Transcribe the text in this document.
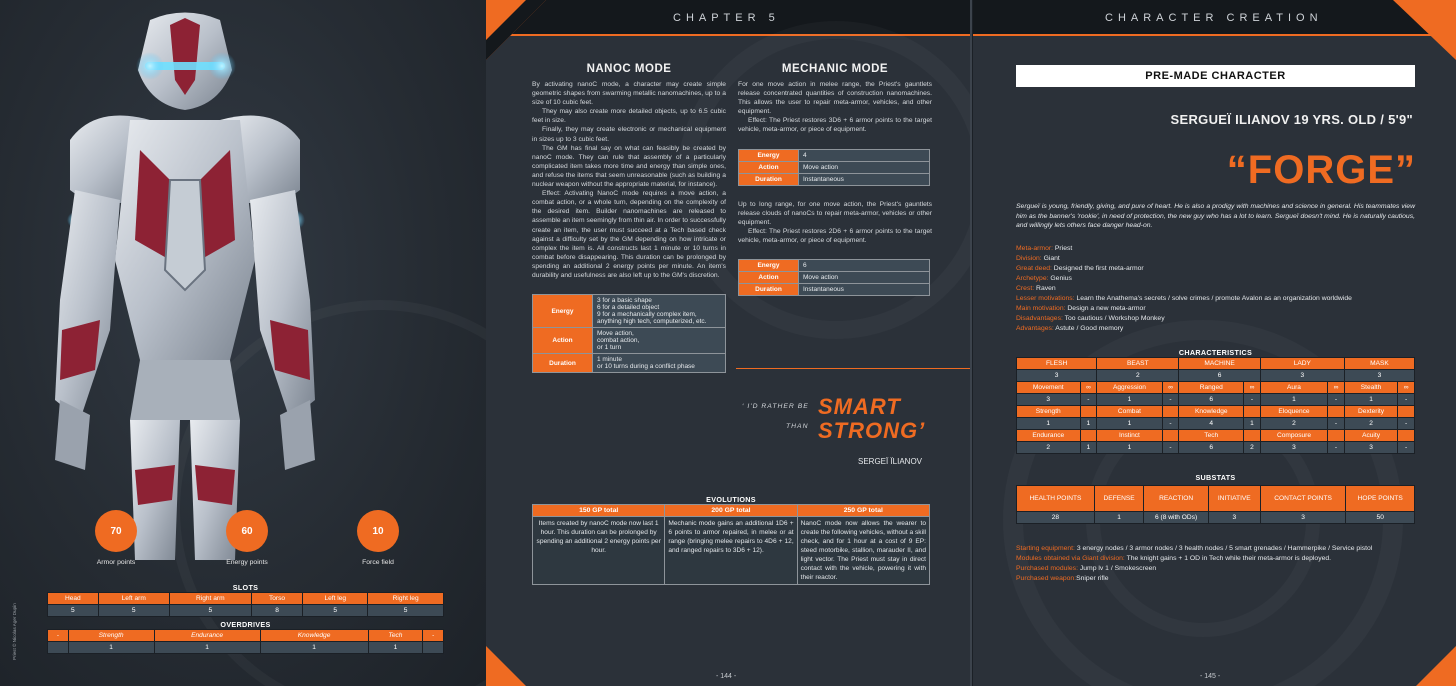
70
Armor points
60
Energy points
10
Force field
Priest © Nicolas Ager Dupin
SLOTS
Head	Left arm	Right arm	Torso	Left leg	Right leg
5	5	5	8	5	5
OVERDRIVES
-	Strength	Endurance	Knowledge	Tech	-
	1	1	1	1	
CHAPTER 5
NANOC MODE

By activating nanoC mode, a character may create simple geometric shapes from swarming metallic nanomachines, up to a size of 10 cubic feet.

They may also create more detailed objects, up to 6.5 cubic feet in size.

Finally, they may create electronic or mechanical equipment in sizes up to 3 cubic feet.

The GM has final say on what can feasibly be created by nanoC mode. They can rule that assembly of a particularly complicated item takes more time and energy than simple ones, and refuse the items that seem unreasonable (such as building a nuclear weapon without the appropriate material, for instance).

Effect: Activating NanoC mode requires a move action, a combat action, or a whole turn, depending on the complexity of the desired item. Builder nanomachines are released to assemble an item seemingly from thin air. In order to successfully create an item, the user must succeed at a Tech based check against a difficulty set by the GM depending on how intricate or complex the item is. All constructs last 1 minute or 10 turns in combat before disappearing. This duration can be prolonged by spending an additional 2 energy points per minute. An item's durability and usefulness are also left up to the GM's discretion.

Energy	3 for a basic shape
6 for a detailed object
9 for a mechanically complex item, anything high tech, computerized, etc.
Action	Move action,
combat action,
or 1 turn
Duration	1 minute
or 10 turns during a conflict phase
MECHANIC MODE

For one move action in melee range, the Priest's gauntlets release concentrated quantities of construction nanomachines. This allows the user to repair meta-armor, vehicles, and other equipment.

Effect: The Priest restores 3D6 + 6 armor points to the target vehicle, meta-armor, or piece of equipment.

Energy	4
Action	Move action
Duration	Instantaneous

Up to long range, for one move action, the Priest's gauntlets release clouds of nanoCs to repair meta-armor, vehicles or other equipment.

Effect: The Priest restores 2D6 + 6 armor points to the target vehicle, meta-armor, or piece of equipment.

Energy	6
Action	Move action
Duration	Instantaneous
‘ I'D RATHER BE SMART
THAN STRONG’
SERGEÏ ÏLIANOV
EVOLUTIONS
150 GP total	200 GP total	250 GP total
Items created by nanoC mode now last 1 hour. This duration can be prolonged by spending an additional 2 energy points per hour.	Mechanic mode gains an additional 1D6 + 6 points to armor repaired, in melee or at range (bringing melee repairs to 4D6 + 12, and ranged repairs to 3D6 + 12).	NanoC mode now allows the wearer to create the following vehicles, without a skill check, and for 1 hour at a cost of 9 EP: steed motorbike, stallion, marauder II, and light vector. The Priest must stay in direct contact with the vehicle, powering it with their reactor.
- 144 -
CHARACTER CREATION
PRE-MADE CHARACTER
SERGUEÏ ILIANOV 19 YRS. OLD / 5'9"
“FORGE”
Sergueï is young, friendly, giving, and pure of heart. He is also a prodigy with machines and science in general. His teammates view him as the banner's 'rookie', in need of protection, the new guy who has a lot to learn. Sergueï doesn't mind. He is naturally cautious, and willingly lets others face danger head-on.
Meta-armor: Priest
Division: Giant
Great deed: Designed the first meta-armor
Archetype: Genius
Crest: Raven
Lesser motivations: Learn the Anathema's secrets / solve crimes / promote Avalon as an organization worldwide
Main motivation: Design a new meta-armor
Disadvantages: Too cautious / Workshop Monkey
Advantages: Astute / Good memory
CHARACTERISTICS
FLESH		BEAST		MACHINE		LADY		MASK	
3		2		6		3		3	
Movement	∞	Aggression	∞	Ranged	∞	Aura	∞	Stealth	∞
3	-	1	-	6	-	1	-	1	-
Strength		Combat		Knowledge		Eloquence		Dexterity	
1	1	1	-	4	1	2	-	2	-
Endurance		Instinct		Tech		Composure		Acuity	
2	1	1	-	6	2	3	-	3	-
SUBSTATS
HEALTH POINTS	DEFENSE	REACTION	INITIATIVE	CONTACT POINTS	HOPE POINTS
28	1	6 (8 with ODs)	3	3	50
Starting equipment: 3 energy nodes / 3 armor nodes / 3 health nodes / 5 smart grenades / Hammerpike / Service pistol
Modules obtained via Giant division: The knight gains + 1 OD in Tech while their meta-armor is deployed.
Purchased modules: Jump lv 1 / Smokescreen
Purchased weapon:Sniper rifle
- 145 -
